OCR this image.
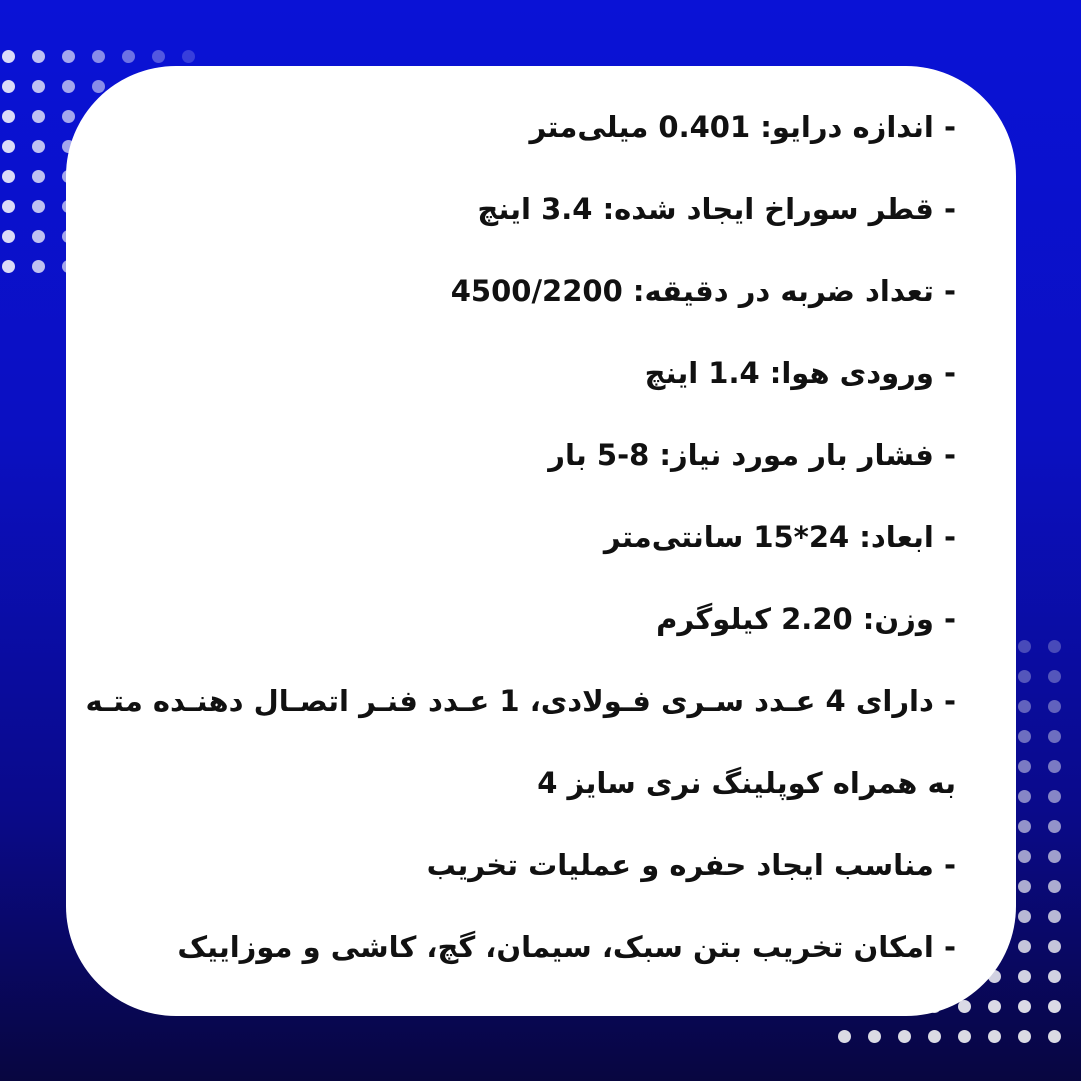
- اندازه درایو: 0.401 میلی‌متر
- قطر سوراخ ایجاد شده: 3.4 اینچ
- تعداد ضربه در دقیقه: 4500/2200
- ورودی هوا: 1.4 اینچ
- فشار بار مورد نیاز: 8-5 بار
- ابعاد: 24*15 سانتی‌متر
- وزن: 2.20 کیلوگرم
- دارای 4 عـدد سـری فـولادی، 1 عـدد فنـر اتصـال دهنـده متـه
به همراه کوپلینگ نری سایز 4
- مناسب ایجاد حفره و عملیات تخریب
- امکان تخریب بتن سبک، سیمان، گچ، کاشی و موزاییک
